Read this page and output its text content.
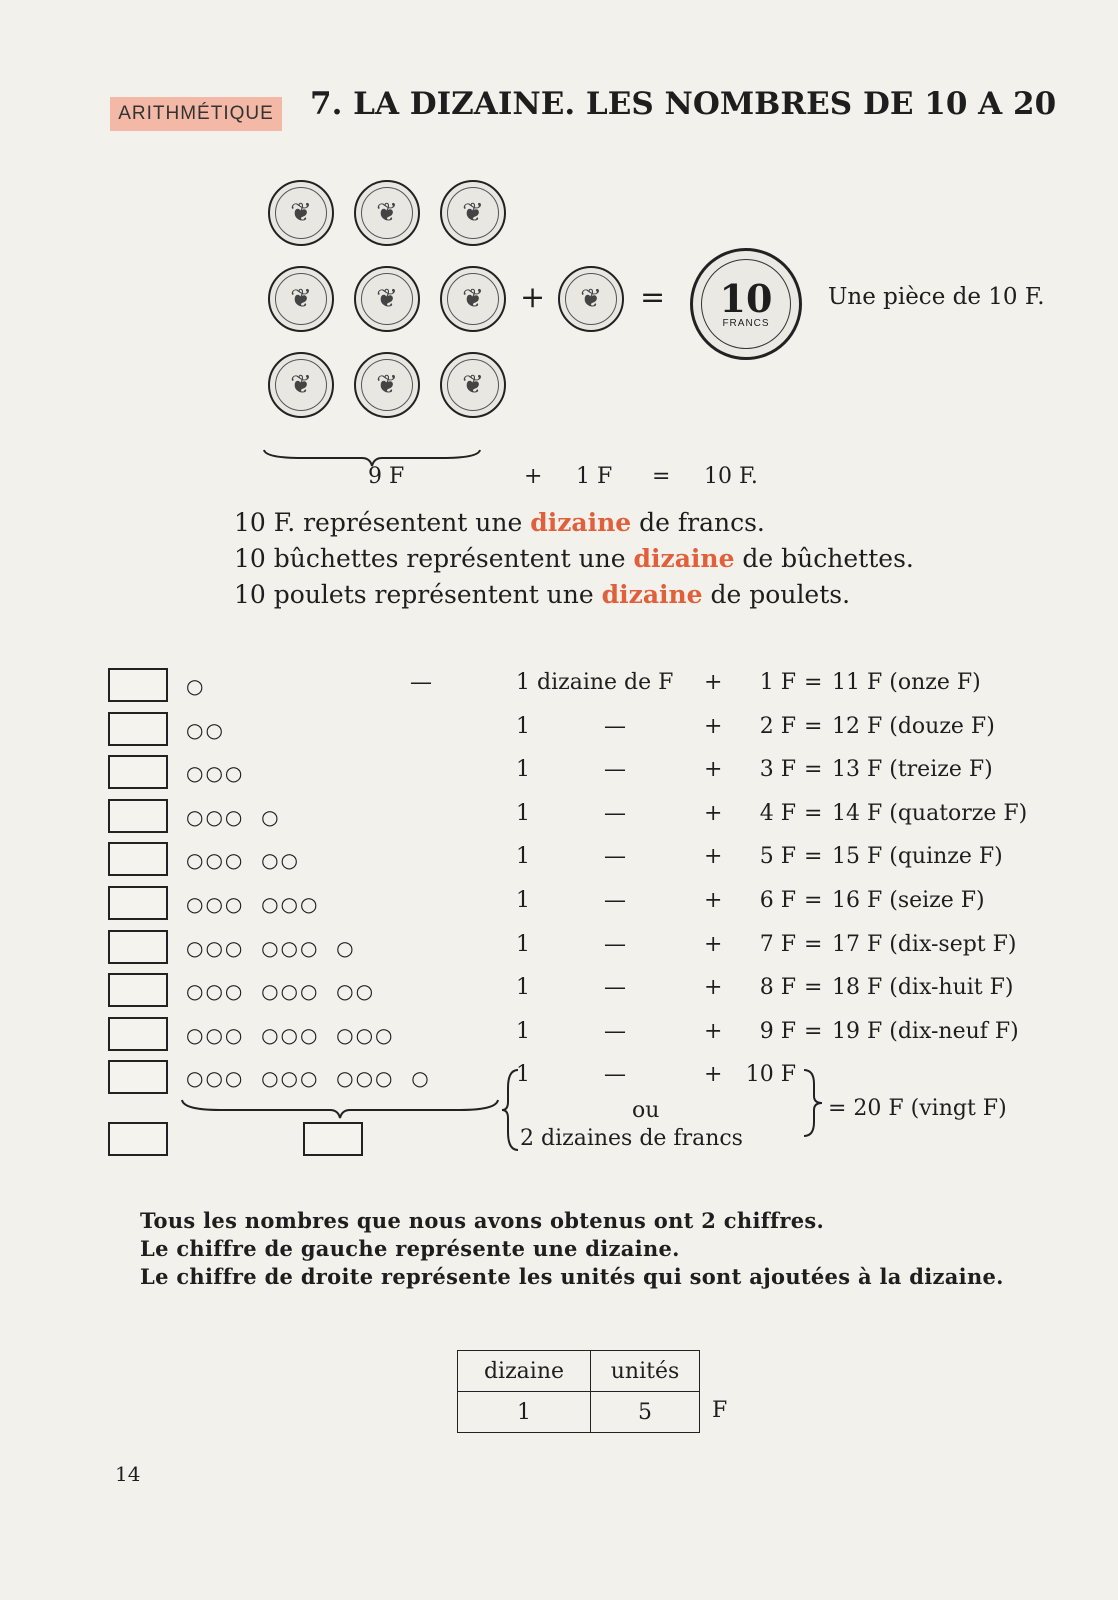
ARITHMÉTIQUE 7. LA DIZAINE. LES NOMBRES DE 10 A 20
❦	❦	❦
❦	❦	❦
❦	❦	❦
+	❦	= 10
FRANCS
Une pièce de 10 F.
9 F	+ 1 F = 10 F.
10 F. représentent une dizaine de francs.
10 bûchettes représentent une dizaine de bûchettes.
10 poulets représentent une dizaine de poulets.
○	—	1 dizaine de F +	1 F = 11 F (onze F)
○○	1	—	+	2 F = 12 F (douze F)
○○○	1	—	+	3 F = 13 F (treize F)
○○○  ○	1	—	+	4 F = 14 F (quatorze F)
○○○  ○○	1	—	+	5 F = 15 F (quinze F)
○○○  ○○○	1	—	+	6 F = 16 F (seize F)
○○○  ○○○  ○	1	—	+	7 F = 17 F (dix-sept F)
○○○  ○○○  ○○	1	—	+	8 F = 18 F (dix-huit F)
○○○  ○○○  ○○○	1	—	+	9 F = 19 F (dix-neuf F)
○○○  ○○○  ○○○  ○	1	—	+	10 F
ou
2 dizaines de francs
= 20 F (vingt F)
Tous les nombres que nous avons obtenus ont 2 chiffres.
Le chiffre de gauche représente une dizaine.
Le chiffre de droite représente les unités qui sont ajoutées à la dizaine.
dizaine	unités
1	5	F
14
